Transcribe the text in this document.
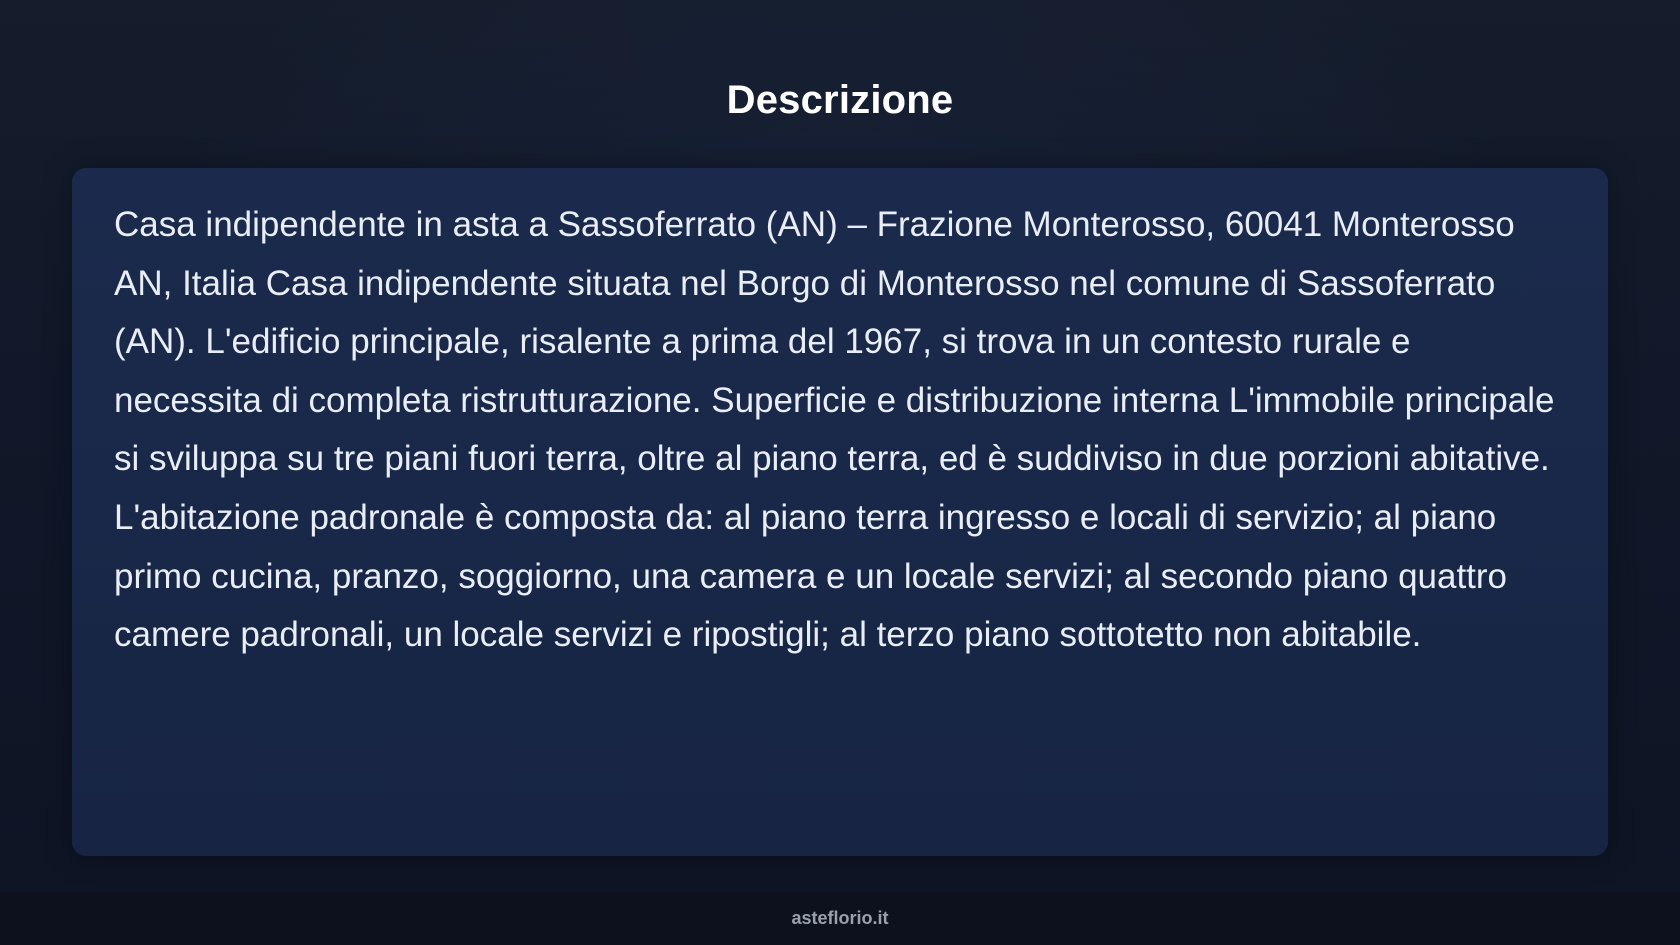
Descrizione

Casa indipendente in asta a Sassoferrato (AN) – Frazione Monterosso, 60041 Monterosso AN, Italia Casa indipendente situata nel Borgo di Monterosso nel comune di Sassoferrato (AN). L'edificio principale, risalente a prima del 1967, si trova in un contesto rurale e necessita di completa ristrutturazione. Superficie e distribuzione interna L'immobile principale si sviluppa su tre piani fuori terra, oltre al piano terra, ed è suddiviso in due porzioni abitative. L'abitazione padronale è composta da: al piano terra ingresso e locali di servizio; al piano primo cucina, pranzo, soggiorno, una camera e un locale servizi; al secondo piano quattro camere padronali, un locale servizi e ripostigli; al terzo piano sottotetto non abitabile.

asteflorio.it
